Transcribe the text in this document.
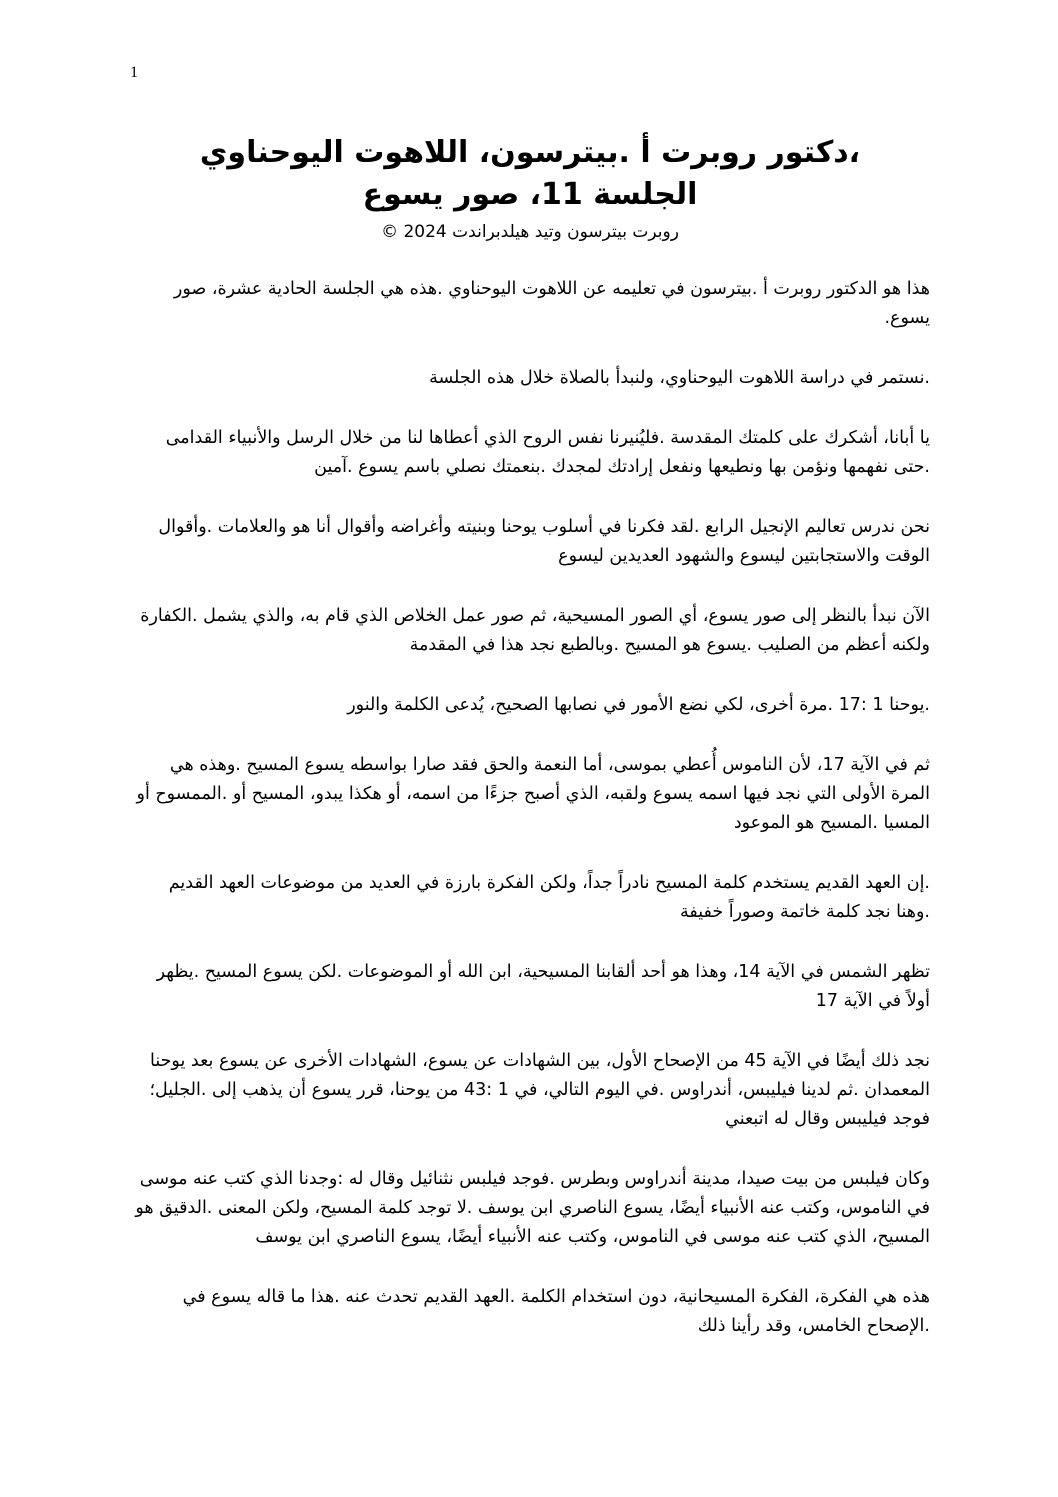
1
،دكتور روبرت أ .بيترسون، اللاهوت اليوحناوي
الجلسة 11، صور يسوع
روبرت بيترسون وتيد هيلدبراندت 2024 ©

هذا هو الدكتور روبرت أ .بيترسون في تعليمه عن اللاهوت اليوحناوي .هذه هي الجلسة الحادية عشرة، صور يسوع.

.نستمر في دراسة اللاهوت اليوحناوي، ولنبدأ بالصلاة خلال هذه الجلسة

يا أبانا، أشكرك على كلمتك المقدسة .فليُنيرنا نفس الروح الذي أعطاها لنا من خلال الرسل والأنبياء القدامى .حتى نفهمها ونؤمن بها ونطيعها ونفعل إرادتك لمجدك .بنعمتك نصلي باسم يسوع .آمين

نحن ندرس تعاليم الإنجيل الرابع .لقد فكرنا في أسلوب يوحنا وبنيته وأغراضه وأقوال أنا هو والعلامات .وأقوال الوقت والاستجابتين ليسوع والشهود العديدين ليسوع

الآن نبدأ بالنظر إلى صور يسوع، أي الصور المسيحية، ثم صور عمل الخلاص الذي قام به، والذي يشمل .الكفارة ولكنه أعظم من الصليب .يسوع هو المسيح .وبالطبع نجد هذا في المقدمة

.يوحنا 1 :17 .مرة أخرى، لكي نضع الأمور في نصابها الصحيح، يُدعى الكلمة والنور

ثم في الآية 17، لأن الناموس أُعطي بموسى، أما النعمة والحق فقد صارا بواسطه يسوع المسيح .وهذه هي المرة الأولى التي نجد فيها اسمه يسوع ولقبه، الذي أصبح جزءًا من اسمه، أو هكذا يبدو، المسيح أو .الممسوح أو المسيا .المسيح هو الموعود

.إن العهد القديم يستخدم كلمة المسيح نادراً جداً، ولكن الفكرة بارزة في العديد من موضوعات العهد القديم .وهنا نجد كلمة خاتمة وصوراً خفيفة

تظهر الشمس في الآية 14، وهذا هو أحد ألقابنا المسيحية، ابن الله أو الموضوعات .لكن يسوع المسيح .يظهر أولاً في الآية 17

نجد ذلك أيضًا في الآية 45 من الإصحاح الأول، بين الشهادات عن يسوع، الشهادات الأخرى عن يسوع بعد يوحنا المعمدان .ثم لدينا فيليبس، أندراوس .في اليوم التالي، في 1 :43 من يوحنا، قرر يسوع أن يذهب إلى .الجليل؛ فوجد فيليبس وقال له اتبعني

وكان فيلبس من بيت صيدا، مدينة أندراوس وبطرس .فوجد فيلبس نثنائيل وقال له :وجدنا الذي كتب عنه موسى في الناموس، وكتب عنه الأنبياء أيضًا، يسوع الناصري ابن يوسف .لا توجد كلمة المسيح، ولكن المعنى .الدقيق هو المسيح، الذي كتب عنه موسى في الناموس، وكتب عنه الأنبياء أيضًا، يسوع الناصري ابن يوسف

هذه هي الفكرة، الفكرة المسيحانية، دون استخدام الكلمة .العهد القديم تحدث عنه .هذا ما قاله يسوع في .الإصحاح الخامس، وقد رأينا ذلك
